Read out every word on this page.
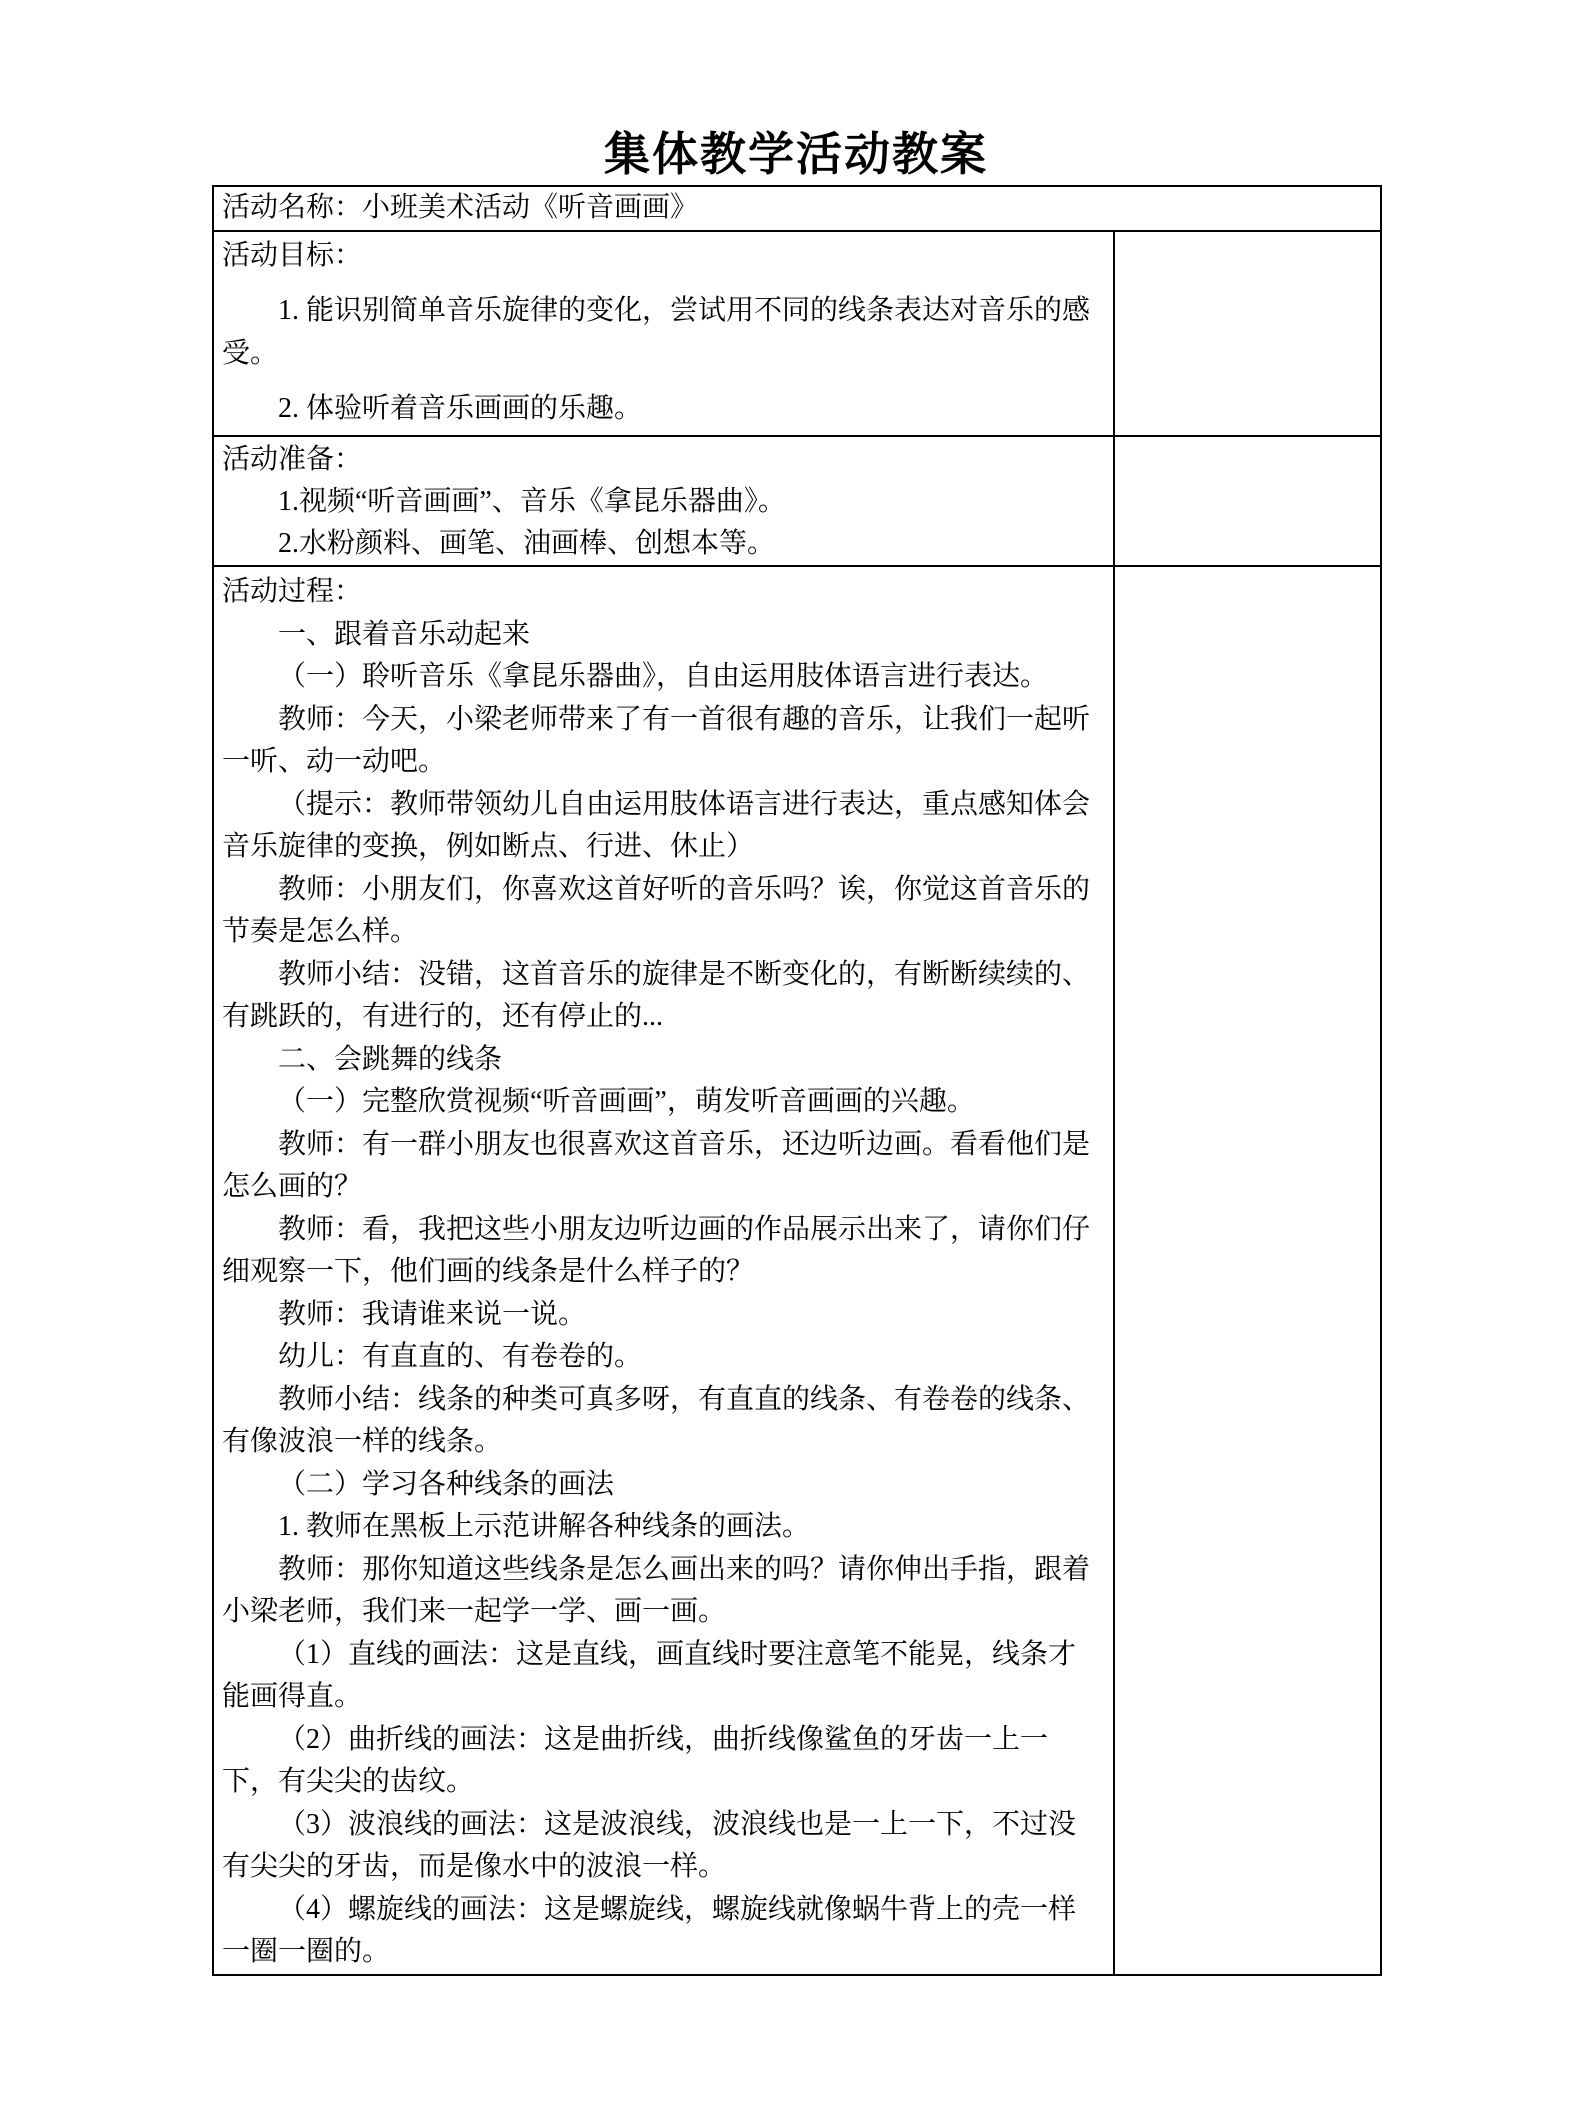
集体教学活动教案
活动名称：小班美术活动《听音画画》	

活动目标：

1. 能识别简单音乐旋律的变化，尝试用不同的线条表达对音乐的感受。

2. 体验听着音乐画画的乐趣。	

活动准备：

1.视频“听音画画”、音乐《拿昆乐器曲》。

2.水粉颜料、画笔、油画棒、创想本等。	

活动过程：

一、跟着音乐动起来

（一）聆听音乐《拿昆乐器曲》，自由运用肢体语言进行表达。

教师：今天，小梁老师带来了有一首很有趣的音乐，让我们一起听一听、动一动吧。

（提示：教师带领幼儿自由运用肢体语言进行表达，重点感知体会音乐旋律的变换，例如断点、行进、休止）

教师：小朋友们，你喜欢这首好听的音乐吗？诶，你觉这首音乐的节奏是怎么样。

教师小结：没错，这首音乐的旋律是不断变化的，有断断续续的、有跳跃的，有进行的，还有停止的...

二、会跳舞的线条

（一）完整欣赏视频“听音画画”，萌发听音画画的兴趣。

教师：有一群小朋友也很喜欢这首音乐，还边听边画。看看他们是怎么画的？

教师：看，我把这些小朋友边听边画的作品展示出来了，请你们仔细观察一下，他们画的线条是什么样子的？

教师：我请谁来说一说。

幼儿：有直直的、有卷卷的。

教师小结：线条的种类可真多呀，有直直的线条、有卷卷的线条、有像波浪一样的线条。

（二）学习各种线条的画法

1. 教师在黑板上示范讲解各种线条的画法。

教师：那你知道这些线条是怎么画出来的吗？请你伸出手指，跟着小梁老师，我们来一起学一学、画一画。

（1）直线的画法：这是直线，画直线时要注意笔不能晃，线条才能画得直。

（2）曲折线的画法：这是曲折线，曲折线像鲨鱼的牙齿一上一下，有尖尖的齿纹。

（3）波浪线的画法：这是波浪线，波浪线也是一上一下，不过没有尖尖的牙齿，而是像水中的波浪一样。

（4）螺旋线的画法：这是螺旋线，螺旋线就像蜗牛背上的壳一样一圈一圈的。
